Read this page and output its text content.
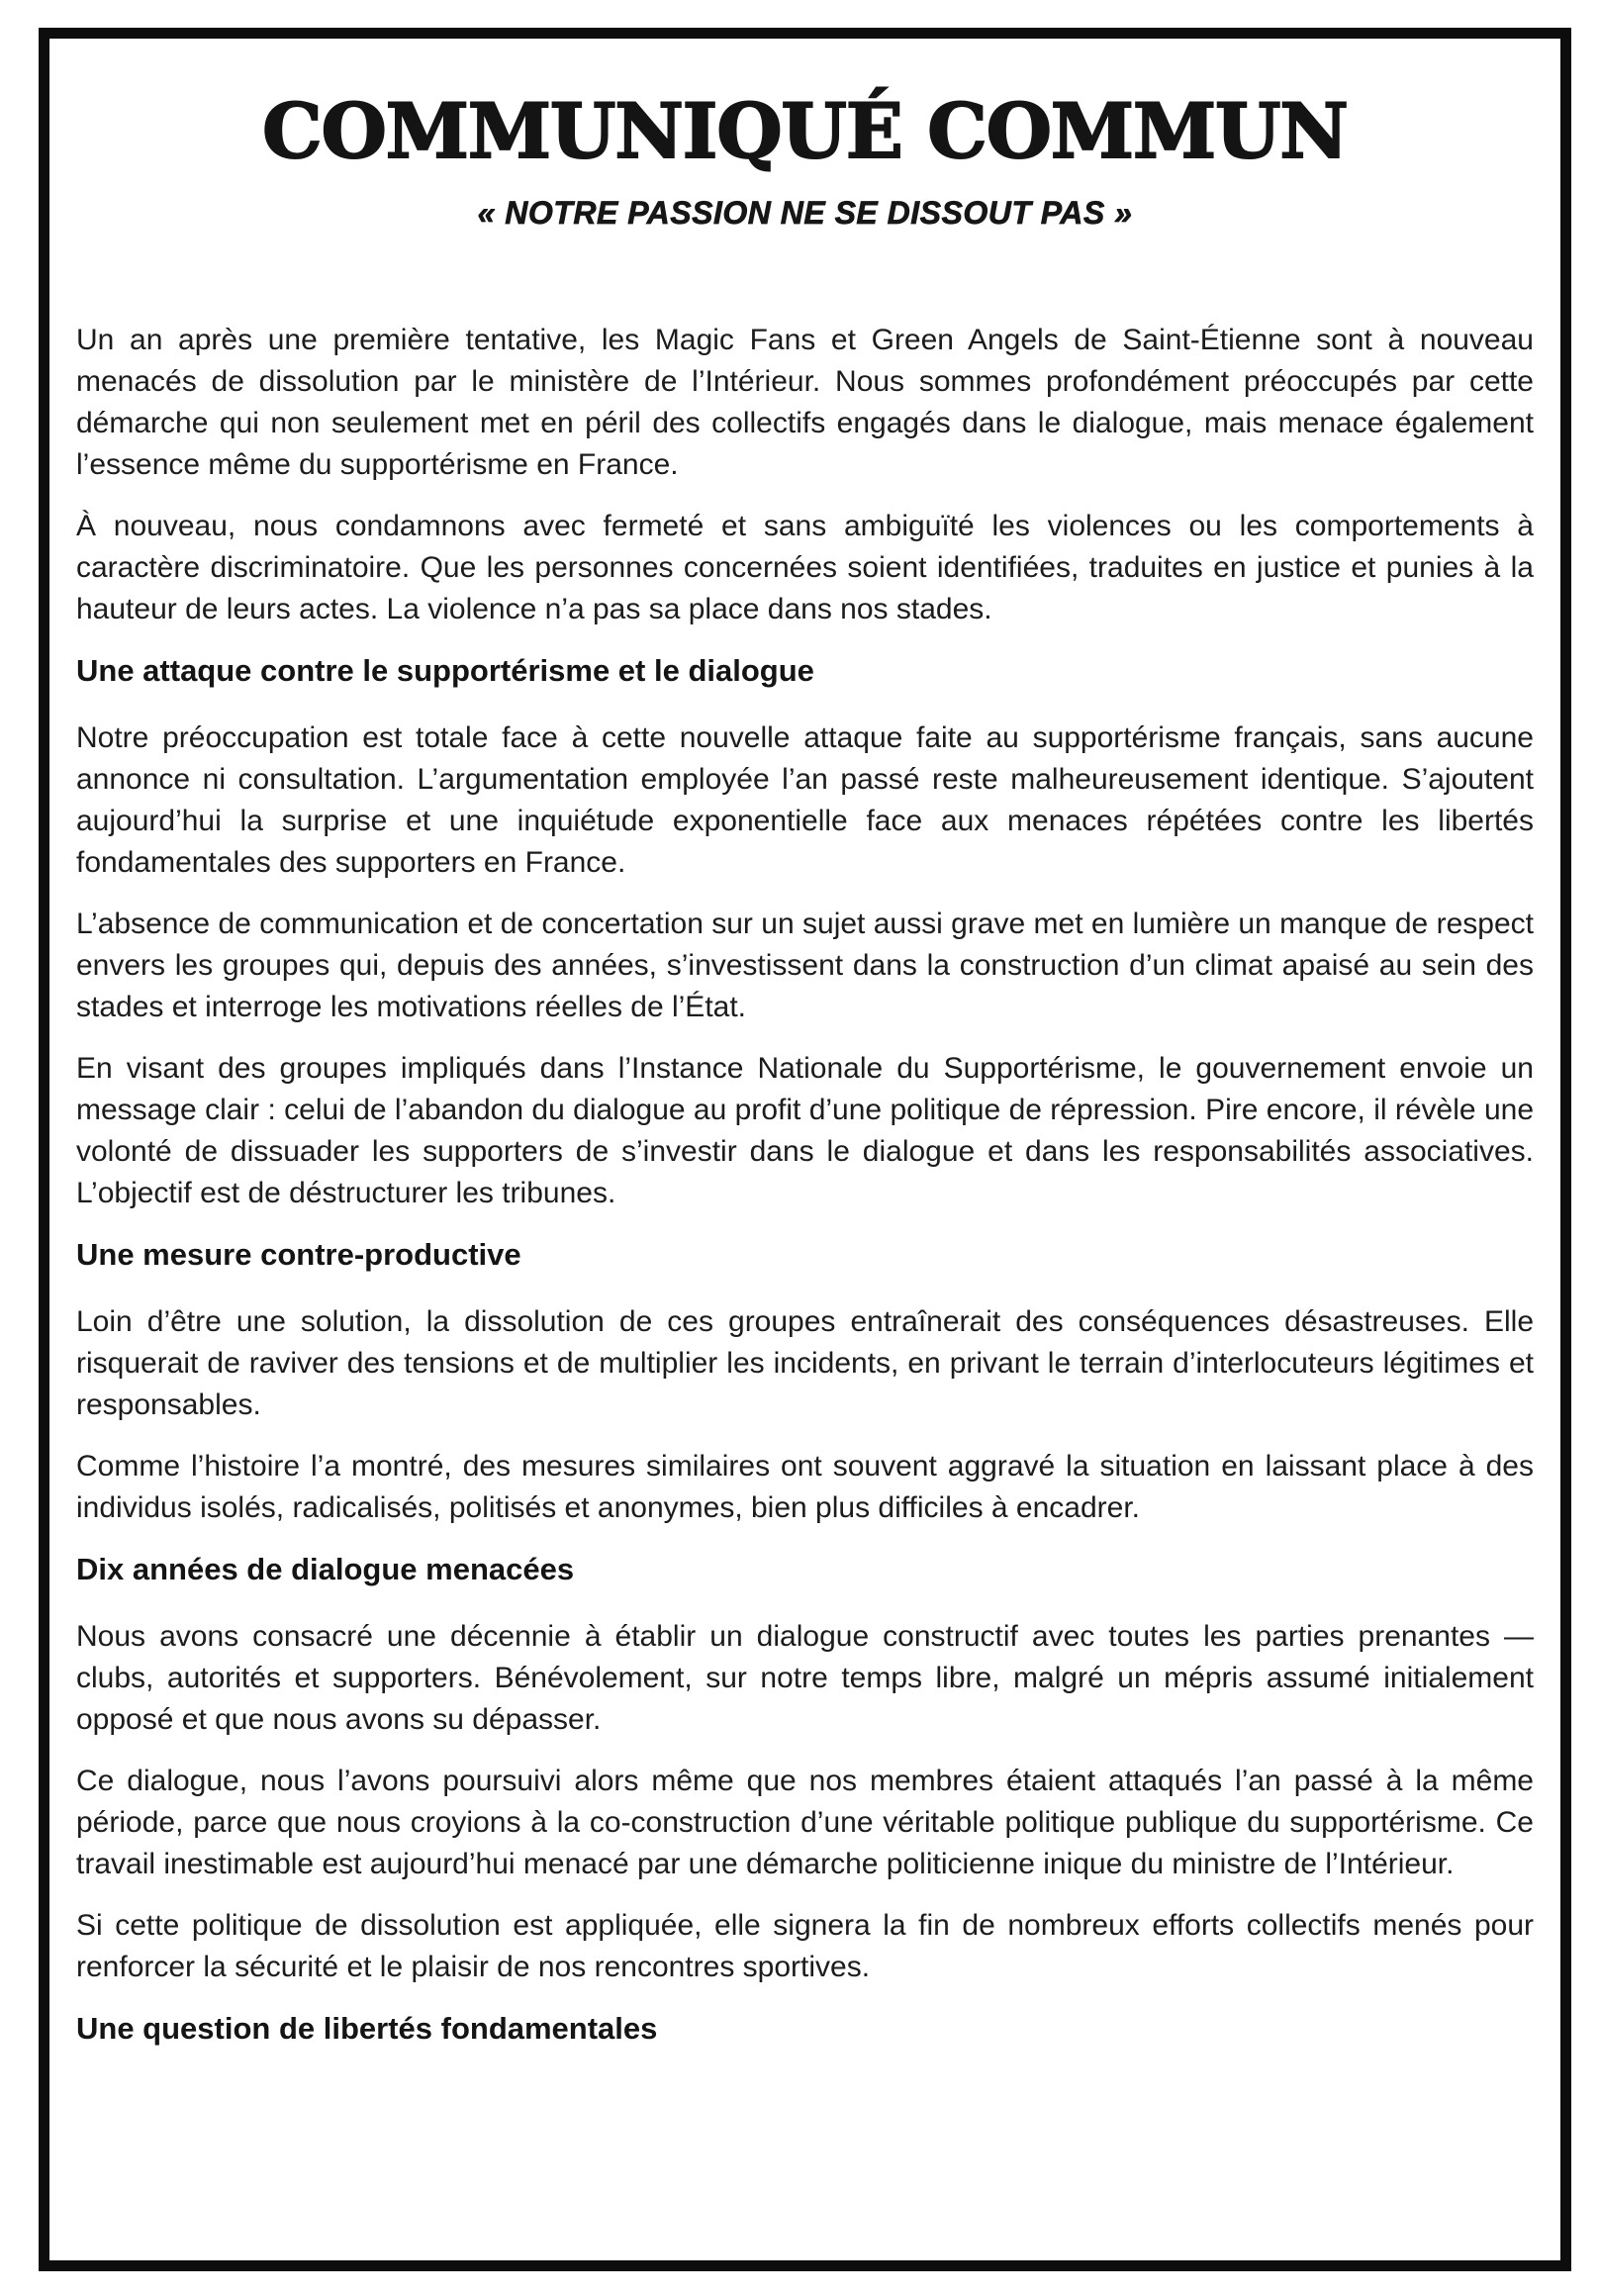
COMMUNIQUÉ COMMUN
« NOTRE PASSION NE SE DISSOUT PAS »

Un an après une première tentative, les Magic Fans et Green Angels de Saint-Étienne sont à nouveau menacés de dissolution par le ministère de l’Intérieur. Nous sommes profondément préoccupés par cette démarche qui non seulement met en péril des collectifs engagés dans le dialogue, mais menace également l’essence même du supportérisme en France.

À nouveau, nous condamnons avec fermeté et sans ambiguïté les violences ou les comportements à caractère discriminatoire. Que les personnes concernées soient identifiées, traduites en justice et punies à la hauteur de leurs actes. La violence n’a pas sa place dans nos stades.

Une attaque contre le supportérisme et le dialogue

Notre préoccupation est totale face à cette nouvelle attaque faite au supportérisme français, sans aucune annonce ni consultation. L’argumentation employée l’an passé reste malheureusement identique. S’ajoutent aujourd’hui la surprise et une inquiétude exponentielle face aux menaces répétées contre les libertés fondamentales des supporters en France.

L’absence de communication et de concertation sur un sujet aussi grave met en lumière un manque de respect envers les groupes qui, depuis des années, s’investissent dans la construction d’un climat apaisé au sein des stades et interroge les motivations réelles de l’État.

En visant des groupes impliqués dans l’Instance Nationale du Supportérisme, le gouvernement envoie un message clair : celui de l’abandon du dialogue au profit d’une politique de répression. Pire encore, il révèle une volonté de dissuader les supporters de s’investir dans le dialogue et dans les responsabilités associatives. L’objectif est de déstructurer les tribunes.

Une mesure contre-productive

Loin d’être une solution, la dissolution de ces groupes entraînerait des conséquences désastreuses. Elle risquerait de raviver des tensions et de multiplier les incidents, en privant le terrain d’interlocuteurs légitimes et responsables.

Comme l’histoire l’a montré, des mesures similaires ont souvent aggravé la situation en laissant place à des individus isolés, radicalisés, politisés et anonymes, bien plus difficiles à encadrer.

Dix années de dialogue menacées

Nous avons consacré une décennie à établir un dialogue constructif avec toutes les parties prenantes — clubs, autorités et supporters. Bénévolement, sur notre temps libre, malgré un mépris assumé initialement opposé et que nous avons su dépasser.

Ce dialogue, nous l’avons poursuivi alors même que nos membres étaient attaqués l’an passé à la même période, parce que nous croyions à la co-construction d’une véritable politique publique du supportérisme. Ce travail inestimable est aujourd’hui menacé par une démarche politicienne inique du ministre de l’Intérieur.

Si cette politique de dissolution est appliquée, elle signera la fin de nombreux efforts collectifs menés pour renforcer la sécurité et le plaisir de nos rencontres sportives.

Une question de libertés fondamentales
